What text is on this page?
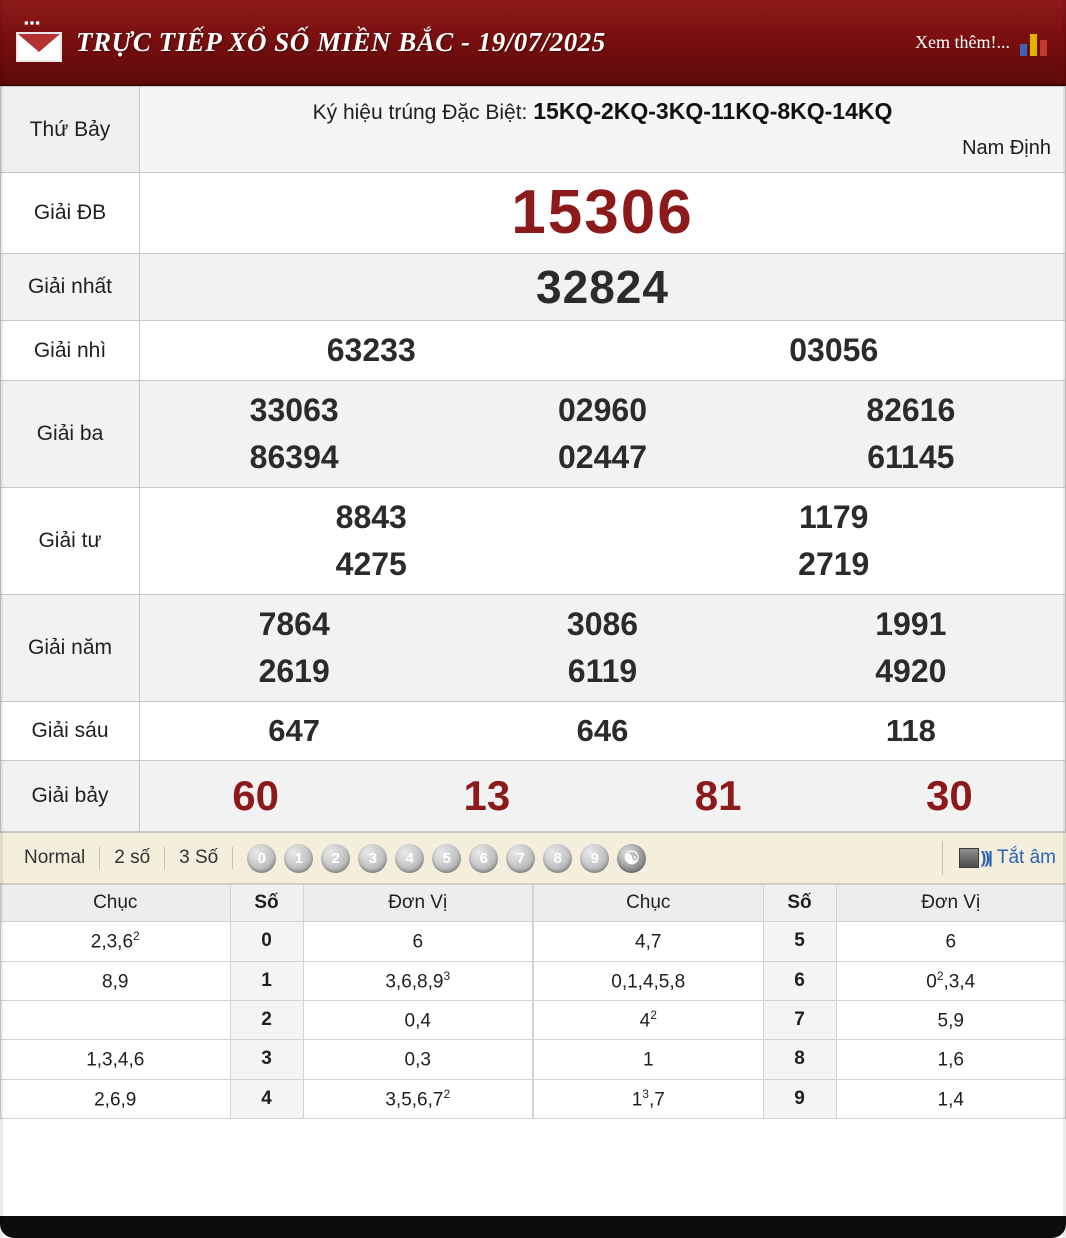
▪▪▪
TRỰC TIẾP XỔ SỐ MIỀN BẮC - 19/07/2025	Xem thêm!...
Thứ Bảy	Ký hiệu trúng Đặc Biệt: 15KQ-2KQ-3KQ-11KQ-8KQ-14KQ
Nam Định

Giải ĐB	15306

Giải nhất	32824

Giải nhì	63233 03056

Giải ba	
33063	02960	82616
86394	02447	61145

Giải tư	8843 1179
4275 2719

Giải năm	
7864	3086	1991
2619	6119	4920

Giải sáu	647 646 118

Giải bảy	60 13 81 30
Normal	2 số	3 Số	0	1	2	3	4	5	6	7	8	9	☯	))| Tắt âm
Chục	Số	Đơn Vị
2,3,6$^2$	0	6
8,9	1	3,6,8,9$^3$
	2	0,4
1,3,4,6	3	0,3
2,6,9	4	3,5,6,7$^2$
Chục	Số	Đơn Vị
4,7	5	6
0,1,4,5,8	6	$0^2,3,4$
$4^2$	7	5,9
1	8	1,6
$1^3,7$	9	1,4
